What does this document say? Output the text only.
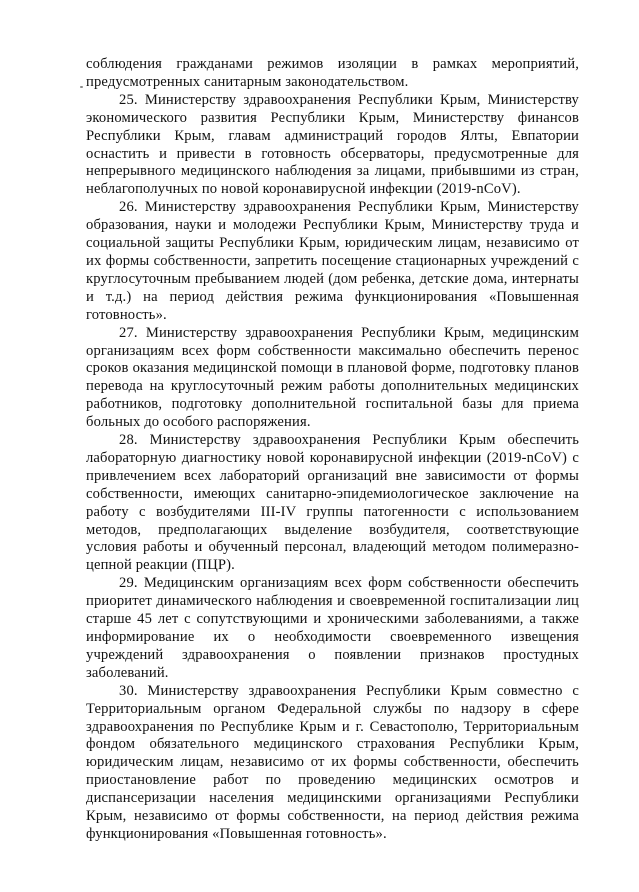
соблюдения гражданами режимов изоляции в рамках мероприятий, предусмотренных санитарным законодательством.

25. Министерству здравоохранения Республики Крым, Министерству экономического развития Республики Крым, Министерству финансов Республики Крым, главам администраций городов Ялты, Евпатории оснастить и привести в готовность обсерваторы, предусмотренные для непрерывного медицинского наблюдения за лицами, прибывшими из стран, неблагополучных по новой коронавирусной инфекции (2019-nCoV).

26. Министерству здравоохранения Республики Крым, Министерству образования, науки и молодежи Республики Крым, Министерству труда и социальной защиты Республики Крым, юридическим лицам, независимо от их формы собственности, запретить посещение стационарных учреждений с круглосуточным пребыванием людей (дом ребенка, детские дома, интернаты и т.д.) на период действия режима функционирования «Повышенная готовность».

27. Министерству здравоохранения Республики Крым, медицинским организациям всех форм собственности максимально обеспечить перенос сроков оказания медицинской помощи в плановой форме, подготовку планов перевода на круглосуточный режим работы дополнительных медицинских работников, подготовку дополнительной госпитальной базы для приема больных до особого распоряжения.

28. Министерству здравоохранения Республики Крым обеспечить лабораторную диагностику новой коронавирусной инфекции (2019-nCoV) с привлечением всех лабораторий организаций вне зависимости от формы собственности, имеющих санитарно-эпидемиологическое заключение на работу с возбудителями III-IV группы патогенности с использованием методов, предполагающих выделение возбудителя, соответствующие условия работы и обученный персонал, владеющий методом полимеразно-цепной реакции (ПЦР).

29. Медицинским организациям всех форм собственности обеспечить приоритет динамического наблюдения и своевременной госпитализации лиц старше 45 лет с сопутствующими и хроническими заболеваниями, а также информирование их о необходимости своевременного извещения учреждений здравоохранения о появлении признаков простудных заболеваний.

30. Министерству здравоохранения Республики Крым совместно с Территориальным органом Федеральной службы по надзору в сфере здравоохранения по Республике Крым и г. Севастополю, Территориальным фондом обязательного медицинского страхования Республики Крым, юридическим лицам, независимо от их формы собственности, обеспечить приостановление работ по проведению медицинских осмотров и диспансеризации населения медицинскими организациями Республики Крым, независимо от формы собственности, на период действия режима функционирования «Повышенная готовность».
